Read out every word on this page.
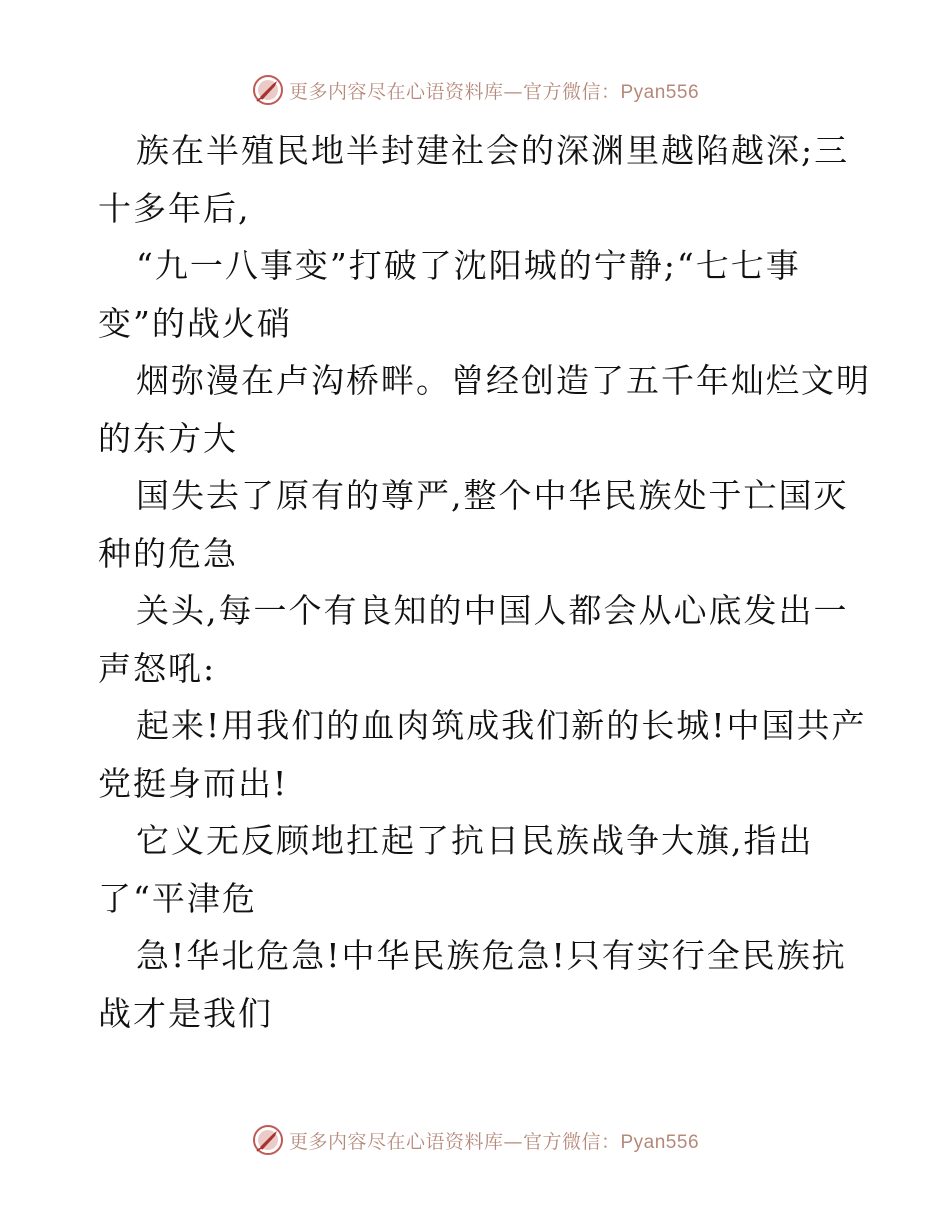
更多内容尽在心语资料库—官方微信：Pyan556
族在半殖民地半封建社会的深渊里越陷越深;三
十多年后,
“九一八事变”打破了沈阳城的宁静;“七七事
变”的战火硝
烟弥漫在卢沟桥畔。曾经创造了五千年灿烂文明
的东方大
国失去了原有的尊严,整个中华民族处于亡国灭
种的危急
关头,每一个有良知的中国人都会从心底发出一
声怒吼:
起来!用我们的血肉筑成我们新的长城!中国共产
党挺身而出!
它义无反顾地扛起了抗日民族战争大旗,指出
了“平津危
急!华北危急!中华民族危急!只有实行全民族抗
战才是我们
更多内容尽在心语资料库—官方微信：Pyan556
